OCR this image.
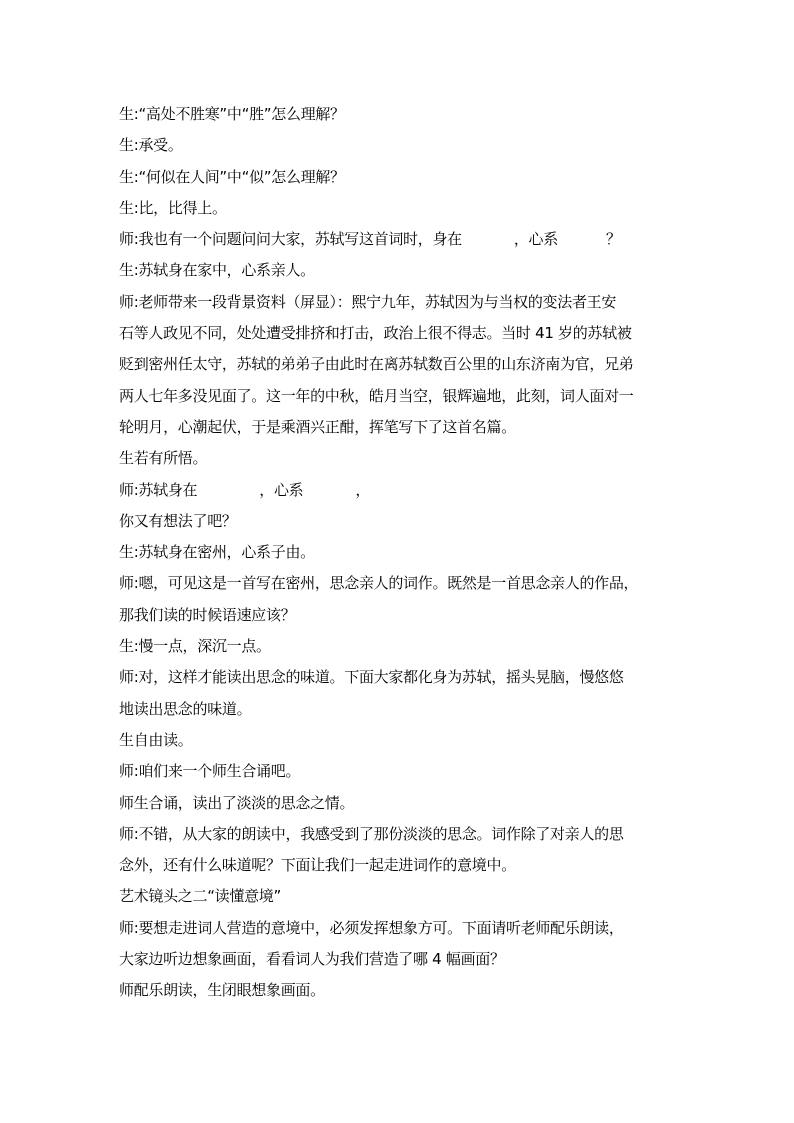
生:“高处不胜寒”中“胜”怎么理解？
生:承受。
生:“何似在人间”中“似”怎么理解？
生:比，比得上。
师:我也有一个问题问问大家，苏轼写这首词时，身在	，心系	？
生:苏轼身在家中，心系亲人。
师:老师带来一段背景资料（屏显）：熙宁九年，苏轼因为与当权的变法者王安
石等人政见不同，处处遭受排挤和打击，政治上很不得志。当时 41 岁的苏轼被
贬到密州任太守，苏轼的弟弟子由此时在离苏轼数百公里的山东济南为官，兄弟
两人七年多没见面了。这一年的中秋，皓月当空，银辉遍地，此刻，词人面对一
轮明月，心潮起伏，于是乘酒兴正酣，挥笔写下了这首名篇。
生若有所悟。
师:苏轼身在	，心系	，
你又有想法了吧？
生:苏轼身在密州，心系子由。
师:嗯，可见这是一首写在密州，思念亲人的词作。既然是一首思念亲人的作品，
那我们读的时候语速应该？
生:慢一点，深沉一点。
师:对，这样才能读出思念的味道。下面大家都化身为苏轼，摇头晃脑，慢悠悠
地读出思念的味道。
生自由读。
师:咱们来一个师生合诵吧。
师生合诵，读出了淡淡的思念之情。
师:不错，从大家的朗读中，我感受到了那份淡淡的思念。词作除了对亲人的思
念外，还有什么味道呢？下面让我们一起走进词作的意境中。
艺术镜头之二“读懂意境”
师:要想走进词人营造的意境中，必须发挥想象方可。下面请听老师配乐朗读，
大家边听边想象画面，看看词人为我们营造了哪 4 幅画面？
师配乐朗读，生闭眼想象画面。
